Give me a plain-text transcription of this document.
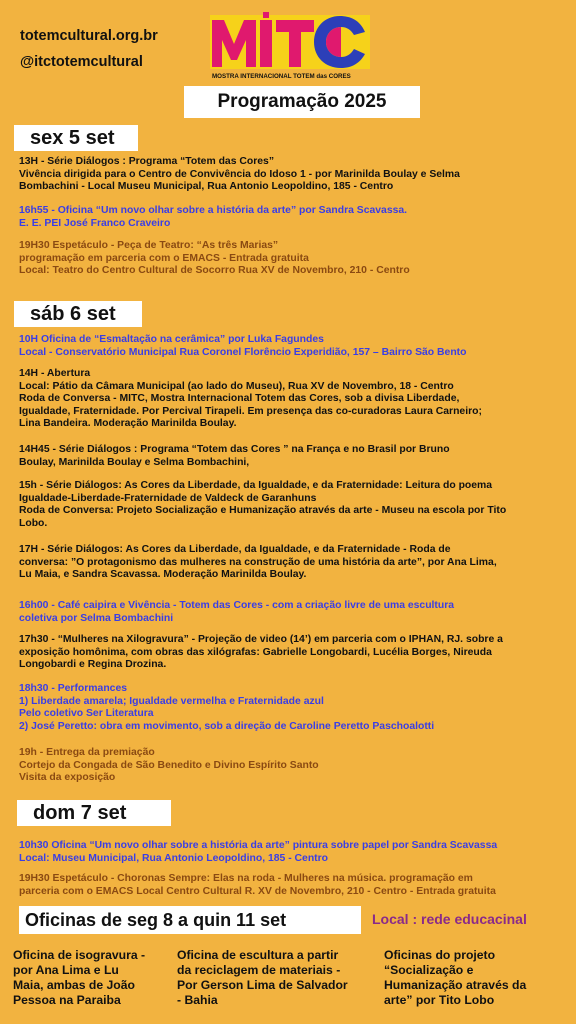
totemcultural.org.br
@itctotemcultural
MOSTRA INTERNACIONAL TOTEM das CORES
Programação 2025
sex 5 set
13H - Série Diálogos : Programa “Totem das Cores”
Vivência dirigida para o Centro de Convivência do Idoso 1 - por Marinilda Boulay e Selma
Bombachini - Local Museu Municipal, Rua Antonio Leopoldino, 185 - Centro
16h55 - Oficina “Um novo olhar sobre a história da arte” por Sandra Scavassa.
E. E. PEI José Franco Craveiro
19H30 Espetáculo - Peça de Teatro: “As três Marias”
programação em parceria com o EMACS - Entrada gratuita
Local: Teatro do Centro Cultural de Socorro Rua XV de Novembro, 210 - Centro
sáb 6 set
10H Oficina de “Esmaltação na cerâmica” por Luka Fagundes
Local - Conservatório Municipal Rua Coronel Florêncio Experidião, 157 – Bairro São Bento
14H - Abertura
Local: Pátio da Câmara Municipal (ao lado do Museu), Rua XV de Novembro, 18 - Centro
Roda de Conversa - MITC, Mostra Internacional Totem das Cores, sob a divisa Liberdade,
Igualdade, Fraternidade. Por Percival Tirapeli. Em presença das co-curadoras Laura Carneiro;
Lina Bandeira. Moderação Marinilda Boulay.
14H45 - Série Diálogos : Programa “Totem das Cores ” na França e no Brasil por Bruno
Boulay, Marinilda Boulay e Selma Bombachini,
15h - Série Diálogos: As Cores da Liberdade, da Igualdade, e da Fraternidade: Leitura do poema
Igualdade-Liberdade-Fraternidade de Valdeck de Garanhuns
Roda de Conversa: Projeto Socialização e Humanização através da arte - Museu na escola por Tito
Lobo.
17H - Série Diálogos: As Cores da Liberdade, da Igualdade, e da Fraternidade - Roda de
conversa: ”O protagonismo das mulheres na construção de uma história da arte”, por Ana Lima,
Lu Maia, e Sandra Scavassa. Moderação Marinilda Boulay.
16h00 - Café caipira e Vivência - Totem das Cores - com a criação livre de uma escultura
coletiva por Selma Bombachini
17h30 - “Mulheres na Xilogravura” - Projeção de video (14’) em parceria com o IPHAN, RJ. sobre a
exposição homônima, com obras das xilógrafas: Gabrielle Longobardi, Lucélia Borges, Nireuda
Longobardi e Regina Drozina.
18h30 - Performances
1) Liberdade amarela; Igualdade vermelha e Fraternidade azul
Pelo coletivo Ser Literatura
2) José Peretto: obra em movimento, sob a direção de Caroline Peretto Paschoalotti
19h - Entrega da premiação
Cortejo da Congada de São Benedito e Divino Espírito Santo
Visita da exposição
dom 7 set
10h30 Oficina “Um novo olhar sobre a história da arte” pintura sobre papel por Sandra Scavassa
Local: Museu Municipal, Rua Antonio Leopoldino, 185 - Centro
19H30 Espetáculo - Choronas Sempre: Elas na roda - Mulheres na música. programação em
parceria com o EMACS Local Centro Cultural R. XV de Novembro, 210 - Centro - Entrada gratuita
Oficinas de seg 8 a quin 11 set	Local : rede educacinal
Oficina de isogravura -
por Ana Lima e Lu
Maia, ambas de João
Pessoa na Paraiba
Oficina de escultura a partir
da reciclagem de materiais -
Por Gerson Lima de Salvador
- Bahia
Oficinas do projeto
“Socialização e
Humanização através da
arte” por Tito Lobo
